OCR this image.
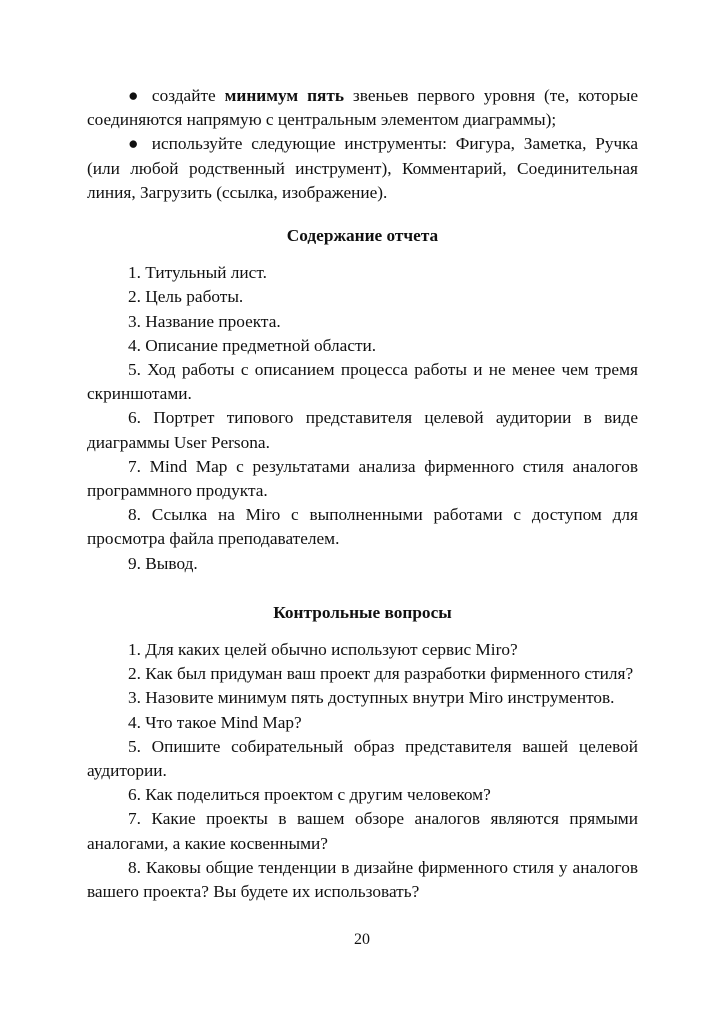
● создайте минимум пять звеньев первого уровня (те, которые соединяются напрямую с центральным элементом диаграммы);

● используйте следующие инструменты: Фигура, Заметка, Ручка (или любой родственный инструмент), Комментарий, Соединительная линия, Загрузить (ссылка, изображение).

Содержание отчета

1. Титульный лист.

2. Цель работы.

3. Название проекта.

4. Описание предметной области.

5. Ход работы с описанием процесса работы и не менее чем тремя скриншотами.

6. Портрет типового представителя целевой аудитории в виде диаграммы User Persona.

7. Mind Map с результатами анализа фирменного стиля аналогов программного продукта.

8. Ссылка на Miro с выполненными работами с доступом для просмотра файла преподавателем.

9. Вывод.

Контрольные вопросы

1. Для каких целей обычно используют сервис Miro?

2. Как был придуман ваш проект для разработки фирменного стиля?

3. Назовите минимум пять доступных внутри Miro инструментов.

4. Что такое Mind Map?

5. Опишите собирательный образ представителя вашей целевой аудитории.

6. Как поделиться проектом с другим человеком?

7. Какие проекты в вашем обзоре аналогов являются прямыми аналогами, а какие косвенными?

8. Каковы общие тенденции в дизайне фирменного стиля у аналогов вашего проекта? Вы будете их использовать?

20
